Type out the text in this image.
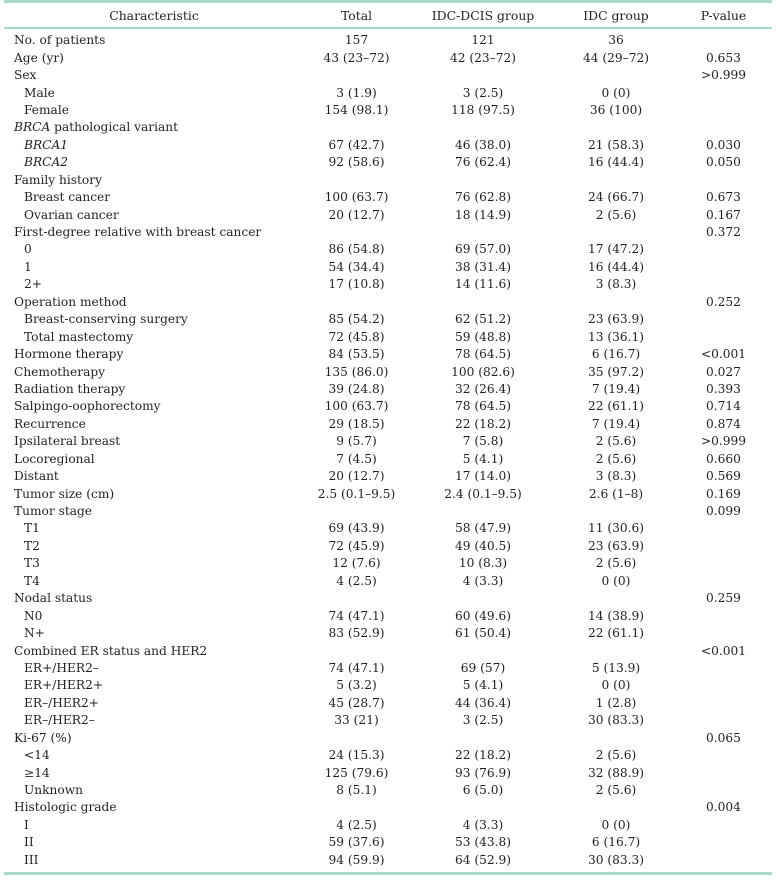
Characteristic	Total	IDC-DCIS group	IDC group	P-value
No. of patients	157	121	36	
Age (yr)	43 (23–72)	42 (23–72)	44 (29–72)	0.653
Sex				>0.999
Male	3 (1.9)	3 (2.5)	0 (0)	
Female	154 (98.1)	118 (97.5)	36 (100)	
BRCA pathological variant				
BRCA1	67 (42.7)	46 (38.0)	21 (58.3)	0.030
BRCA2	92 (58.6)	76 (62.4)	16 (44.4)	0.050
Family history				
Breast cancer	100 (63.7)	76 (62.8)	24 (66.7)	0.673
Ovarian cancer	20 (12.7)	18 (14.9)	2 (5.6)	0.167
First-degree relative with breast cancer				0.372
0	86 (54.8)	69 (57.0)	17 (47.2)	
1	54 (34.4)	38 (31.4)	16 (44.4)	
2+	17 (10.8)	14 (11.6)	3 (8.3)	
Operation method				0.252
Breast-conserving surgery	85 (54.2)	62 (51.2)	23 (63.9)	
Total mastectomy	72 (45.8)	59 (48.8)	13 (36.1)	
Hormone therapy	84 (53.5)	78 (64.5)	6 (16.7)	<0.001
Chemotherapy	135 (86.0)	100 (82.6)	35 (97.2)	0.027
Radiation therapy	39 (24.8)	32 (26.4)	7 (19.4)	0.393
Salpingo-oophorectomy	100 (63.7)	78 (64.5)	22 (61.1)	0.714
Recurrence	29 (18.5)	22 (18.2)	7 (19.4)	0.874
Ipsilateral breast	9 (5.7)	7 (5.8)	2 (5.6)	>0.999
Locoregional	7 (4.5)	5 (4.1)	2 (5.6)	0.660
Distant	20 (12.7)	17 (14.0)	3 (8.3)	0.569
Tumor size (cm)	2.5 (0.1–9.5)	2.4 (0.1–9.5)	2.6 (1–8)	0.169
Tumor stage				0.099
T1	69 (43.9)	58 (47.9)	11 (30.6)	
T2	72 (45.9)	49 (40.5)	23 (63.9)	
T3	12 (7.6)	10 (8.3)	2 (5.6)	
T4	4 (2.5)	4 (3.3)	0 (0)	
Nodal status				0.259
N0	74 (47.1)	60 (49.6)	14 (38.9)	
N+	83 (52.9)	61 (50.4)	22 (61.1)	
Combined ER status and HER2				<0.001
ER+/HER2–	74 (47.1)	69 (57)	5 (13.9)	
ER+/HER2+	5 (3.2)	5 (4.1)	0 (0)	
ER–/HER2+	45 (28.7)	44 (36.4)	1 (2.8)	
ER–/HER2–	33 (21)	3 (2.5)	30 (83.3)	
Ki-67 (%)				0.065
<14	24 (15.3)	22 (18.2)	2 (5.6)	
≥14	125 (79.6)	93 (76.9)	32 (88.9)	
Unknown	8 (5.1)	6 (5.0)	2 (5.6)	
Histologic grade				0.004
I	4 (2.5)	4 (3.3)	0 (0)	
II	59 (37.6)	53 (43.8)	6 (16.7)	
III	94 (59.9)	64 (52.9)	30 (83.3)	
